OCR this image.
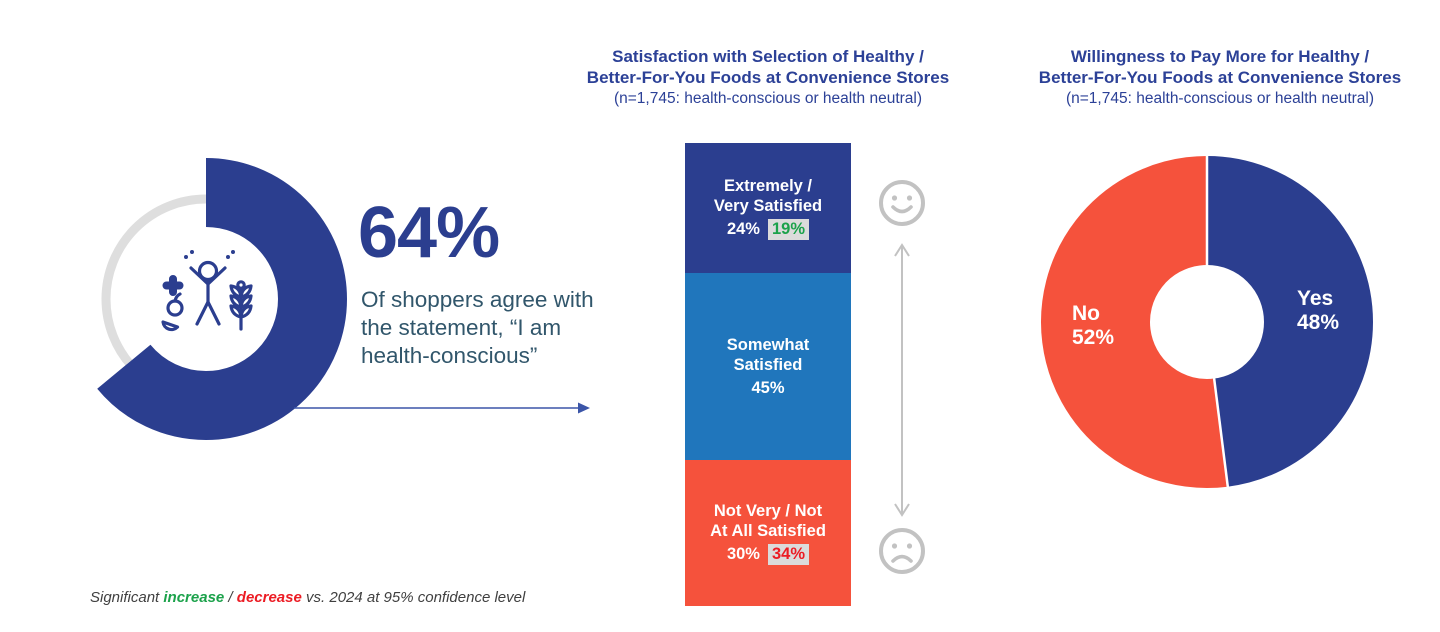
64%
Of shoppers agree with the statement, “I am health-conscious”
Satisfaction with Selection of Healthy /
Better-For-You Foods at Convenience Stores
(n=1,745: health-conscious or health neutral)
Extremely /
Very Satisfied
24% 19%
Somewhat
Satisfied
45%
Not Very / Not
At All Satisfied
30% 34%
Willingness to Pay More for Healthy /
Better-For-You Foods at Convenience Stores
(n=1,745: health-conscious or health neutral)
Yes
48%
No
52%
Significant increase / decrease vs. 2024 at 95% confidence level
